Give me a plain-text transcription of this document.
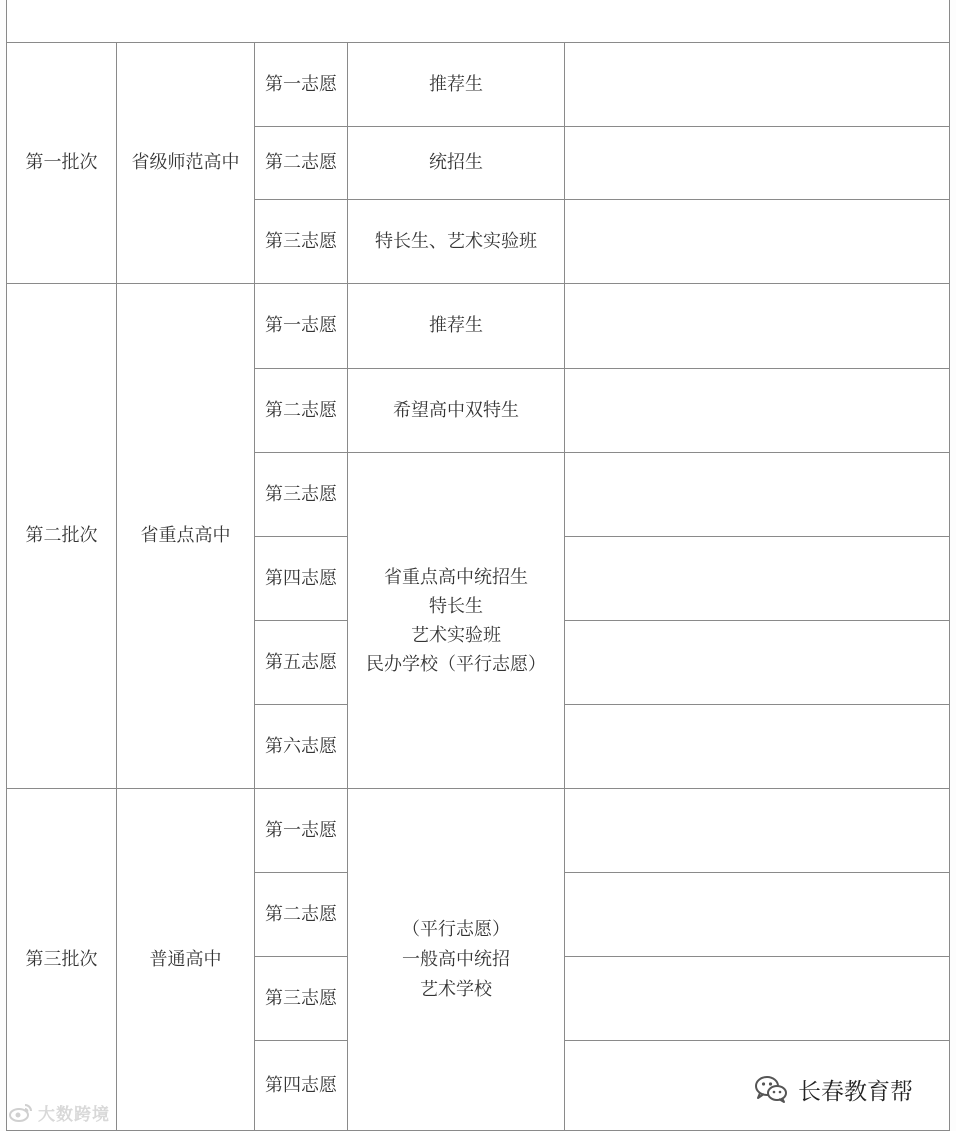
第一批次 省级师范高中
第一志愿
第二志愿
第三志愿
推荐生
统招生
特长生、艺术实验班
第二批次 省重点高中
第一志愿
第二志愿
第三志愿
第四志愿
第五志愿
第六志愿
推荐生
希望高中双特生
省重点高中统招生
特长生
艺术实验班
民办学校（平行志愿）
第三批次	普通高中
第一志愿
第二志愿
第三志愿
第四志愿
（平行志愿）
一般高中统招
艺术学校
大数跨境
长春教育帮
